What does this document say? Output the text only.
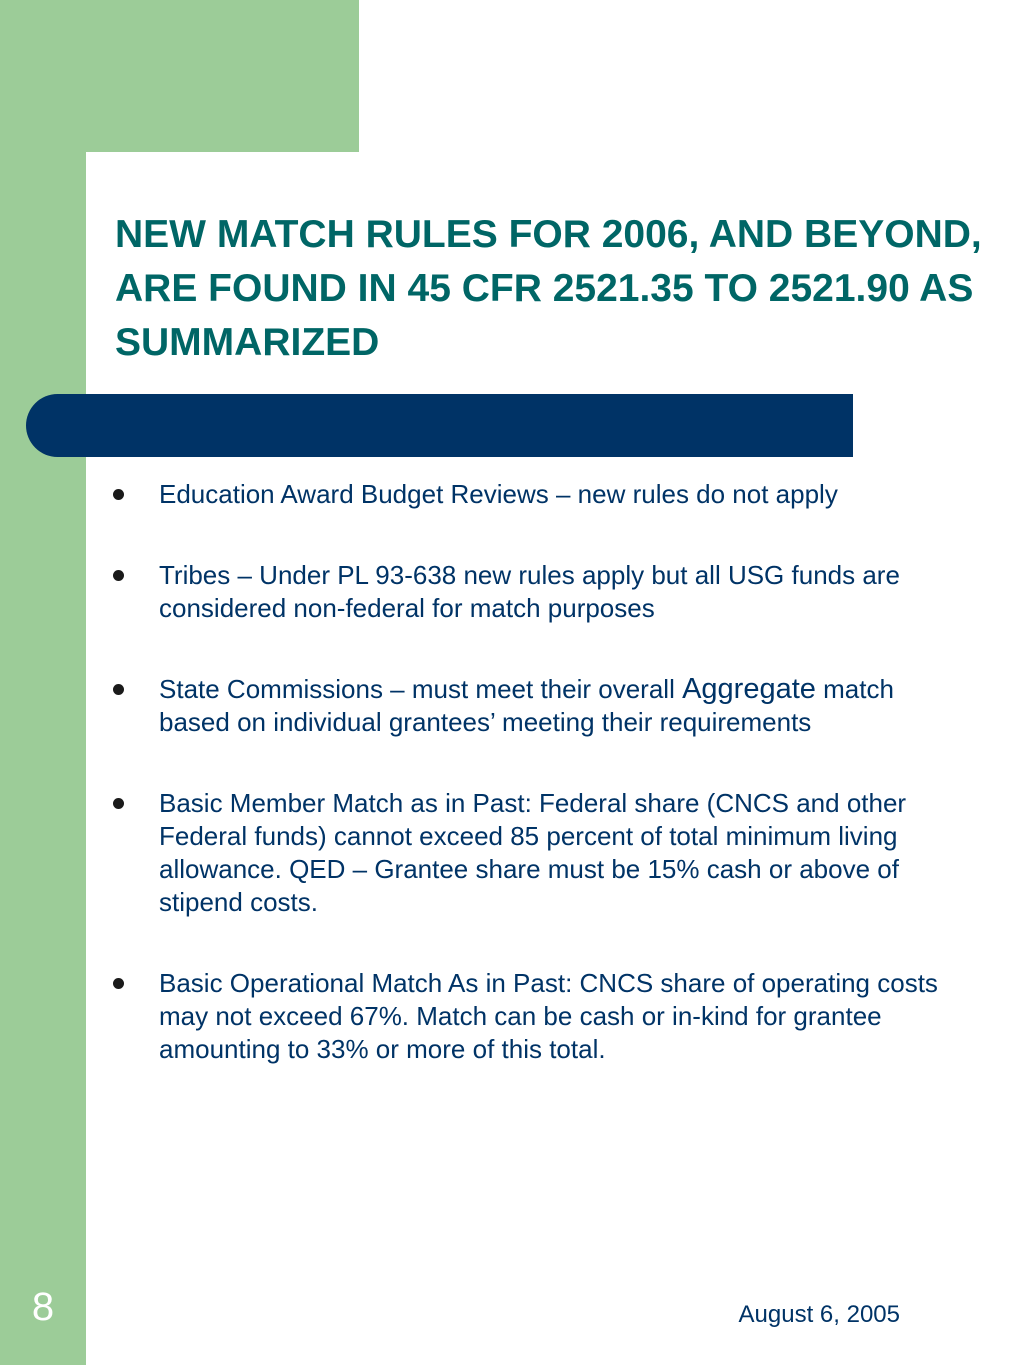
NEW MATCH RULES FOR 2006, AND BEYOND, ARE FOUND IN 45 CFR 2521.35 TO 2521.90 AS SUMMARIZED
Education Award Budget Reviews – new rules do not apply
Tribes – Under PL 93-638 new rules apply but all USG funds are considered non-federal for match purposes
State Commissions – must meet their overall Aggregate match based on individual grantees’ meeting their requirements
Basic Member Match as in Past: Federal share (CNCS and other Federal funds) cannot exceed 85 percent of total minimum living allowance. QED – Grantee share must be 15% cash or above of stipend costs.
Basic Operational Match As in Past: CNCS share of operating costs may not exceed 67%. Match can be cash or in-kind for grantee amounting to 33% or more of this total.
8	August 6, 2005
